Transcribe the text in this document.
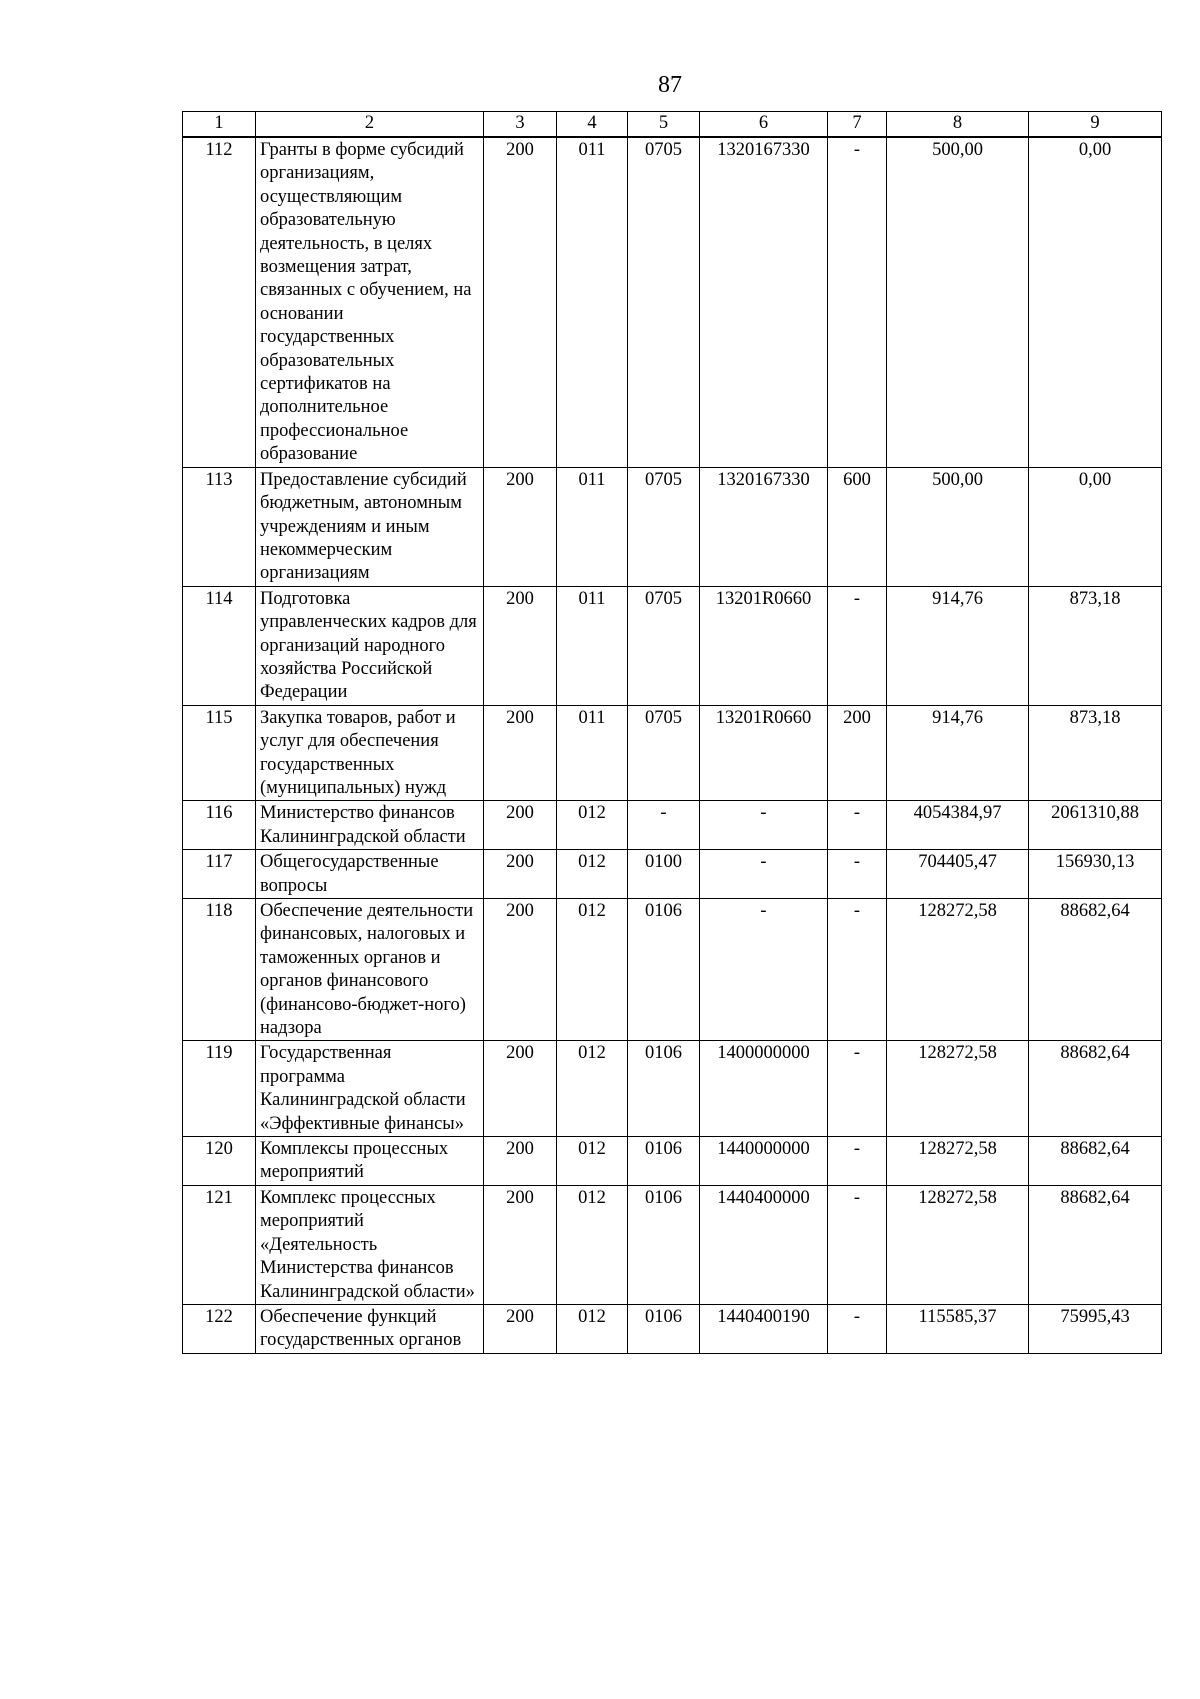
87
1	2	3	4	5	6	7	8	9
112	Гранты в форме субсидий организациям, осуществляющим образовательную деятельность, в целях возмещения затрат, связанных с обучением, на основании государственных образовательных сертификатов на дополнительное профессиональное образование	200	011	0705	1320167330	-	500,00	0,00
113	Предоставление субсидий бюджетным, автономным учреждениям и иным некоммерческим организациям	200	011	0705	1320167330	600	500,00	0,00
114	Подготовка управленческих кадров для организаций народного хозяйства Российской Федерации	200	011	0705	13201R0660	-	914,76	873,18
115	Закупка товаров, работ и услуг для обеспечения государственных (муниципальных) нужд	200	011	0705	13201R0660	200	914,76	873,18
116	Министерство финансов Калининградской области	200	012	-	-	-	4054384,97	2061310,88
117	Общегосударственные вопросы	200	012	0100	-	-	704405,47	156930,13
118	Обеспечение деятельности финансовых, налоговых и таможенных органов и органов финансового (финансово-бюджет-ного) надзора	200	012	0106	-	-	128272,58	88682,64
119	Государственная программа Калининградской области «Эффективные финансы»	200	012	0106	1400000000	-	128272,58	88682,64
120	Комплексы процессных мероприятий	200	012	0106	1440000000	-	128272,58	88682,64
121	Комплекс процессных мероприятий «Деятельность Министерства финансов Калининградской области»	200	012	0106	1440400000	-	128272,58	88682,64
122	Обеспечение функций государственных органов	200	012	0106	1440400190	-	115585,37	75995,43
